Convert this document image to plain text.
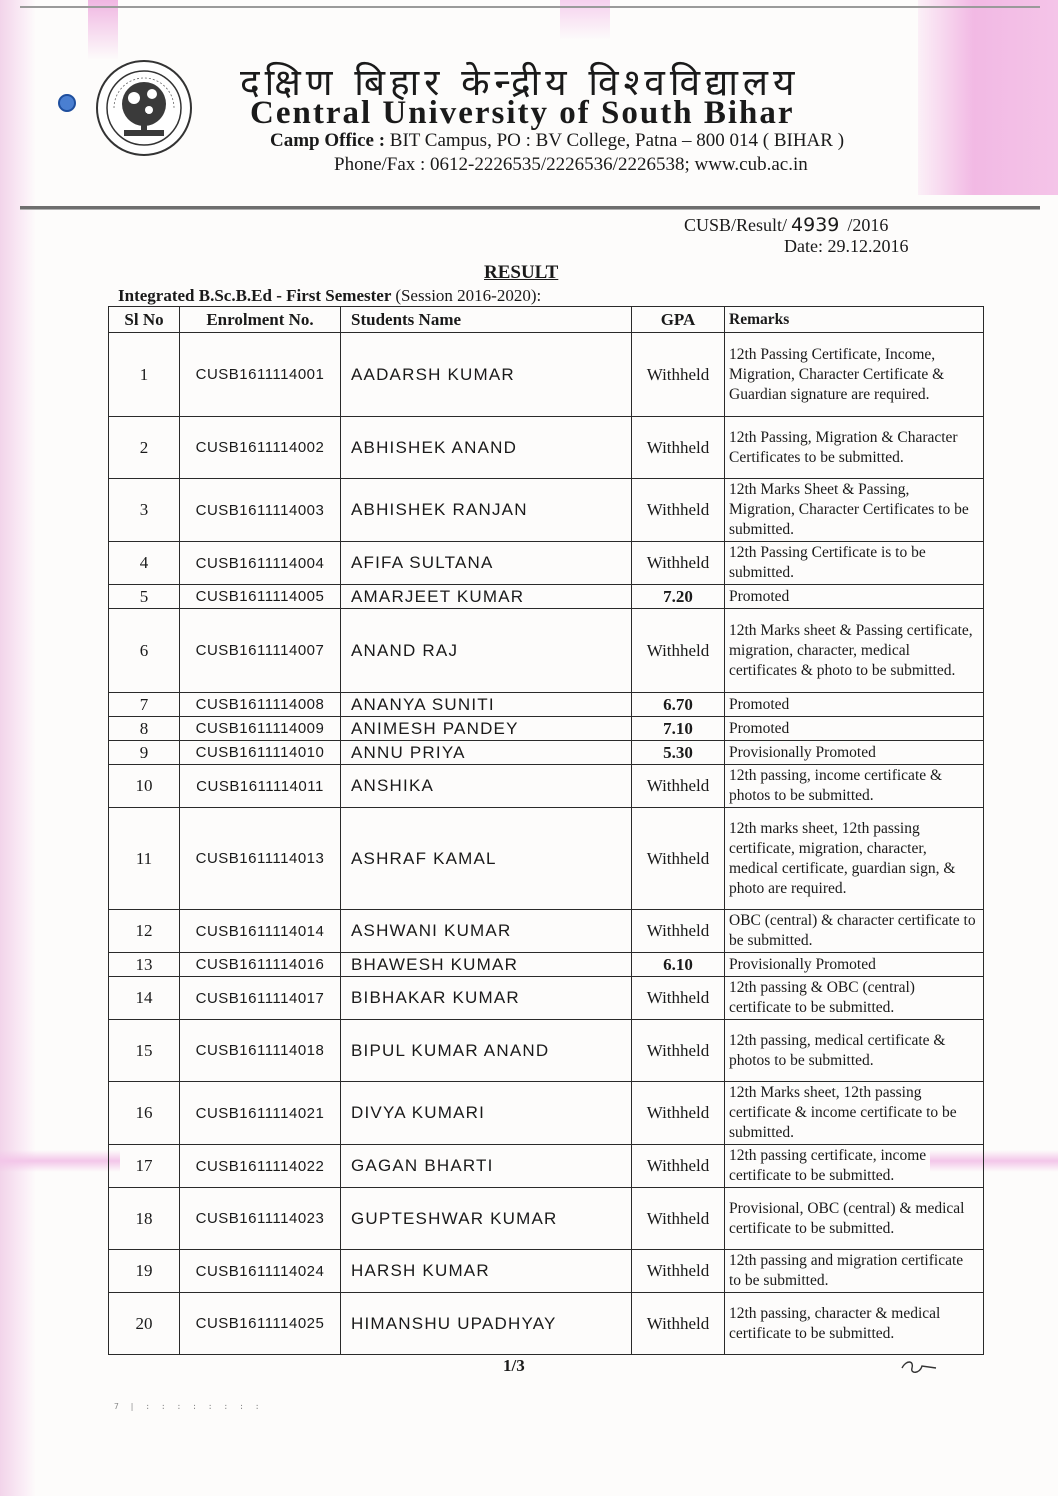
दक्षिण बिहार केन्द्रीय विश्वविद्यालय
Central University of South Bihar
Camp Office : BIT Campus, PO : BV College, Patna – 800 014 ( BIHAR )
Phone/Fax : 0612-2226535/2226536/2226538; www.cub.ac.in
CUSB/Result/ 4939 /2016
Date: 29.12.2016
RESULT
Integrated B.Sc.B.Ed - First Semester (Session 2016-2020):
Sl No	Enrolment No.	Students Name	GPA	Remarks
1	CUSB1611114001	AADARSH KUMAR	Withheld	12th Passing Certificate, Income, Migration, Character Certificate & Guardian signature are required.
2	CUSB1611114002	ABHISHEK ANAND	Withheld	12th Passing, Migration & Character Certificates to be submitted.
3	CUSB1611114003	ABHISHEK RANJAN	Withheld	12th Marks Sheet & Passing, Migration, Character Certificates to be submitted.
4	CUSB1611114004	AFIFA SULTANA	Withheld	12th Passing Certificate is to be submitted.
5	CUSB1611114005	AMARJEET KUMAR	7.20	Promoted
6	CUSB1611114007	ANAND RAJ	Withheld	12th Marks sheet & Passing certificate, migration, character, medical certificates & photo to be submitted.
7	CUSB1611114008	ANANYA SUNITI	6.70	Promoted
8	CUSB1611114009	ANIMESH PANDEY	7.10	Promoted
9	CUSB1611114010	ANNU PRIYA	5.30	Provisionally Promoted
10	CUSB1611114011	ANSHIKA	Withheld	12th passing, income certificate & photos to be submitted.
11	CUSB1611114013	ASHRAF KAMAL	Withheld	12th marks sheet, 12th passing certificate, migration, character, medical certificate, guardian sign, & photo are required.
12	CUSB1611114014	ASHWANI KUMAR	Withheld	OBC (central) & character certificate to be submitted.
13	CUSB1611114016	BHAWESH KUMAR	6.10	Provisionally Promoted
14	CUSB1611114017	BIBHAKAR KUMAR	Withheld	12th passing & OBC (central) certificate to be submitted.
15	CUSB1611114018	BIPUL KUMAR ANAND	Withheld	12th passing, medical certificate & photos to be submitted.
16	CUSB1611114021	DIVYA KUMARI	Withheld	12th Marks sheet, 12th passing certificate & income certificate to be submitted.
17	CUSB1611114022	GAGAN BHARTI	Withheld	12th passing certificate, income certificate to be submitted.
18	CUSB1611114023	GUPTESHWAR KUMAR	Withheld	Provisional, OBC (central) & medical certificate to be submitted.
19	CUSB1611114024	HARSH KUMAR	Withheld	12th passing and migration certificate to be submitted.
20	CUSB1611114025	HIMANSHU UPADHYAY	Withheld	12th passing, character & medical certificate to be submitted.
1/3
7 | : : : : : : : :
